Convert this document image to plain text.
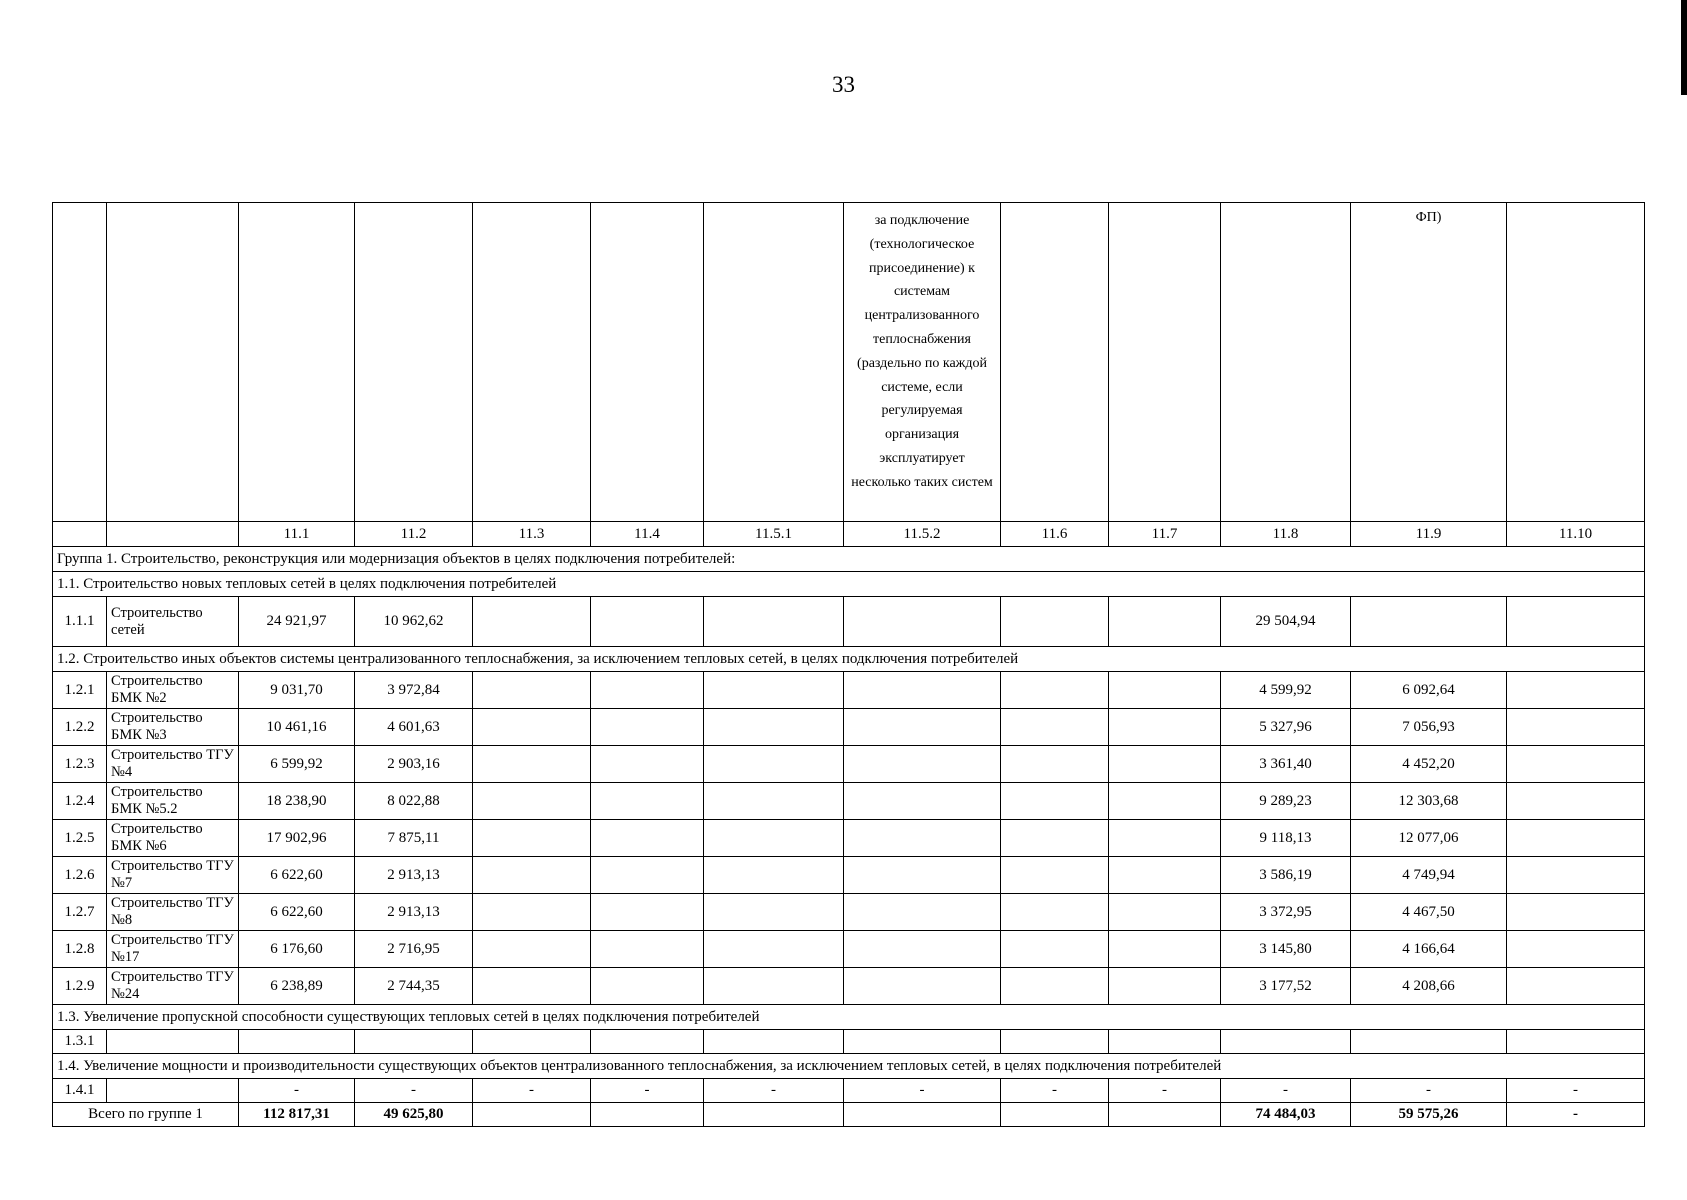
33
							за подключение (технологическое присоединение) к системам централизованного теплоснабжения (раздельно по каждой системе, если регулируемая организация эксплуатирует несколько таких систем				ФП)	
		11.1	11.2	11.3	11.4	11.5.1	11.5.2	11.6	11.7	11.8	11.9	11.10
Группа 1. Строительство, реконструкция или модернизация объектов в целях подключения потребителей:												
1.1. Строительство новых тепловых сетей в целях подключения потребителей												
1.1.1	Строительство сетей	24 921,97	10 962,62							29 504,94		
1.2. Строительство иных объектов системы централизованного теплоснабжения, за исключением тепловых сетей, в целях подключения потребителей												
1.2.1	Строительство БМК №2	9 031,70	3 972,84							4 599,92	6 092,64	
1.2.2	Строительство БМК №3	10 461,16	4 601,63							5 327,96	7 056,93	
1.2.3	Строительство ТГУ №4	6 599,92	2 903,16							3 361,40	4 452,20	
1.2.4	Строительство БМК №5.2	18 238,90	8 022,88							9 289,23	12 303,68	
1.2.5	Строительство БМК №6	17 902,96	7 875,11							9 118,13	12 077,06	
1.2.6	Строительство ТГУ №7	6 622,60	2 913,13							3 586,19	4 749,94	
1.2.7	Строительство ТГУ №8	6 622,60	2 913,13							3 372,95	4 467,50	
1.2.8	Строительство ТГУ №17	6 176,60	2 716,95							3 145,80	4 166,64	
1.2.9	Строительство ТГУ №24	6 238,89	2 744,35							3 177,52	4 208,66	
1.3. Увеличение пропускной способности существующих тепловых сетей в целях подключения потребителей												
1.3.1												
1.4. Увеличение мощности и производительности существующих объектов централизованного теплоснабжения, за исключением тепловых сетей, в целях подключения потребителей												
1.4.1		-	-	-	-	-	-	-	-	-	-	-
Всего по группе 1		112 817,31	49 625,80							74 484,03	59 575,26	-
